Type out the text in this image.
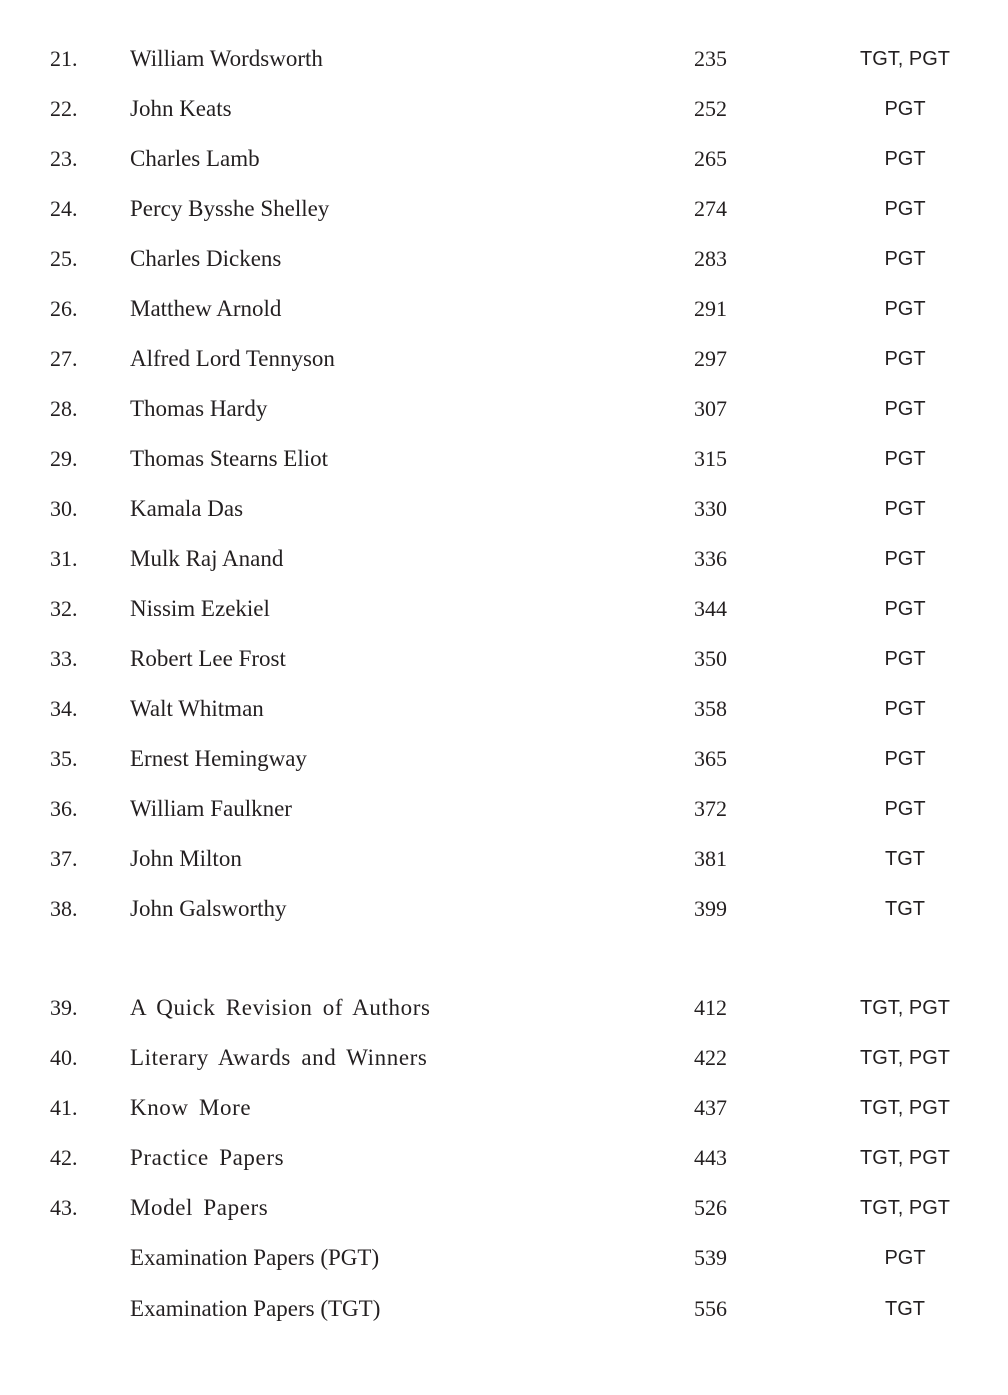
21. William Wordsworth	235	TGT, PGT
22. John Keats	252	PGT
23. Charles Lamb	265	PGT
24. Percy Bysshe Shelley	274	PGT
25. Charles Dickens	283	PGT
26. Matthew Arnold	291	PGT
27. Alfred Lord Tennyson	297	PGT
28. Thomas Hardy	307	PGT
29. Thomas Stearns Eliot	315	PGT
30. Kamala Das	330	PGT
31. Mulk Raj Anand	336	PGT
32. Nissim Ezekiel	344	PGT
33. Robert Lee Frost	350	PGT
34. Walt Whitman	358	PGT
35. Ernest Hemingway	365	PGT
36. William Faulkner	372	PGT
37. John Milton	381	TGT
38. John Galsworthy	399	TGT
39. A Quick Revision of Authors	412	TGT, PGT
40. Literary Awards and Winners	422	TGT, PGT
41. Know More	437	TGT, PGT
42. Practice Papers	443	TGT, PGT
43. Model Papers	526	TGT, PGT
Examination Papers (PGT)	539	PGT
Examination Papers (TGT)	556	TGT
